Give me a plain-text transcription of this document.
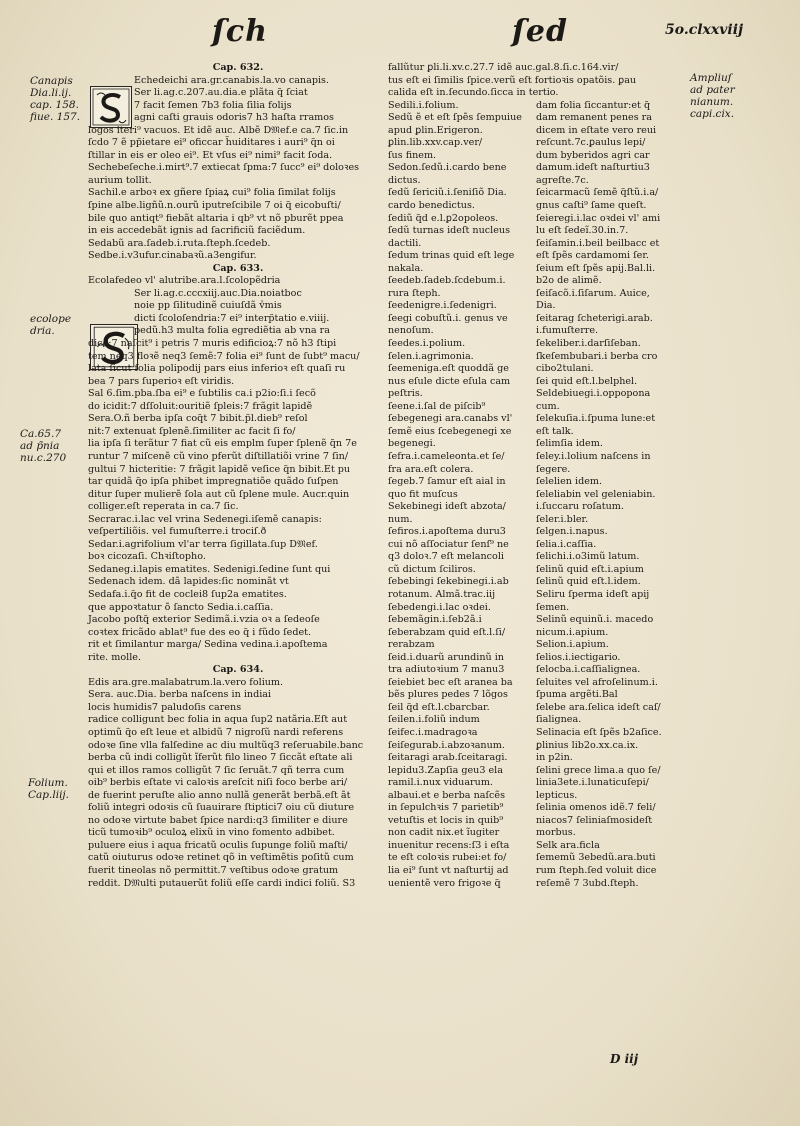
ſch	ſed	5o.clxxviij
Canapis
Dia.li.ij.
cap. 158.
fiue. 157.
ecolope
dria.
Ca.65.7
ad p̃nia
nu.c.270
Folium.
Cap.liij.
Ampliuſ
ad pater
nianum.
capi.cix.
Cap. 632.
Echedeichi ara.gr.canabis.la.vo canapis.
Ser li.ag.c.207.au.dia.e plãta q̃ ſciat
7 facit ſemen 7b3 folia ſilia folijs
agni caſti grauis odoris7 h3 haſta rramos
logos iteri⁹ vacuos. Et idẽ auc. Albẽ D𝔐ef.e ca.7 ſic.in
ſcdo 7 ẽ pp̃ietare ei⁹ oficcar h̃uiditares i auri⁹ q̃n oi
ſtillar in eis er oleo ei⁹. Et vſus ei⁹ nimi⁹ facit ſoda.
Sechebeſeche.i.mirt⁹.7 extiecat ſpma:7 ſucc⁹ ei⁹ doloꝛes
aurium tollit.
Sachil.e arboꝛ ex gñere ſpiaꝝ cui⁹ folia ſimilat folijs
ſpine albe.ligñũ.n.ourũ iputreſcibile 7 oi q̃ eicobuſti/
bile quo antiqt⁹ fiebãt altaria i qb⁹ vt nõ pburẽt ppea
in eis accedebãt ignis ad ſacrificiũ faciẽdum.
Sedabũ ara.ſadeb.i.ruta.ſteph.ſcedeb.
Sedbe.i.v3ufur.cinabaꝛũ.a3engifur.
Cap. 633.
Ecolafedeo vl' alutribe.ara.l.ſcolopẽdria
Ser li.ag.c.cccxiij.auc.Dia.noiatboc
noie pp ſilitudinẽ cuiuſdã v̾mis
dicti ſcoloſendria:7 ei⁹ interp̃tatio e.viiij.
pedũ.h3 multa folia egrediẽtia ab vna ra
dice:7 naſcit⁹ i petris 7 muris edificioꝝ:7 nõ h3 ſtipi
tem neq3 floꝛẽ neq3 ſemẽ:7 folia ei⁹ ſunt de ſubt⁹ macu/
lata ſicut folia polipodij pars eius inferioꝛ eſt quaſi ru
bea 7 pars ſuperioꝛ eſt viridis.
Sal 6.ſim.pba.ſba ei⁹ e ſubtilis ca.i p2io:ſi.i ſecõ
do icidit:7 dſſoluit:ouritiẽ ſpleis:7 frãgit lapidẽ
Sera.O.ñ berba ipſa coq̃t 7 bibit.p̃l.dieb⁹ reſol
nit:7 extenuat ſplenẽ.ſimiliter ac facit ſi fo/
lia ipſa ſi terãtur 7 fiat cũ eis emplm ſuper ſplenẽ q̃n 7e
runtur 7 miſcenẽ cũ vino pferũt diſtillatiõi vrine 7 ſin/
gultui 7 hicteritie: 7 frãgit lapidẽ veſice q̃n bibit.Et pu
tar quidã q̃o ipſa phibet impregnatiõe quãdo ſuſpen
ditur ſuper mulierẽ ſola aut cũ ſplene mule. Aucr.quin
colliger.eſt reperata in ca.7 ſic.
Secrarac.i.lac vel vrina Sedenegi.iſemẽ canapis:
veſpertiliõis. vel fumuſterre.i trociſ.ð
Sedar.i.agrifolium vl'ar terra ſigillata.ſup D𝔐ef.
boꝛ cicozaſi. Chꝛiſtopho.
Sedaneg.i.lapis ematites. Sedenigi.ſedine ſunt qui
Sedenach idem. dã lapides:ſic nominãt vt
Sedafa.i.q̃o fit de coclei8 ſup2a ematites.
que appoꝛtatur õ ſancto Sedia.i.caſſia.
Jacobo poſtq̃ exterior Sedimã.i.vzia oꝛ a ſedeoſe
coꝛtex fricãdo ablat⁹ fue des eo q̃ i fũdo ſedet.
rit et ſimilantur marga/ Sedina vedina.i.apoſtema
rite. molle.
Cap. 634.
Edis ara.gre.malabatrum.la.vero folium.
Sera. auc.Dia. berba naſcens in indiai
locis humidis7 paludoſis carens
radice colligunt bec folia in aqua ſup2 natãria.Eſt aut
optimũ q̃o eſt leue et albidũ 7 nigroſũ nardi referens
odoꝛe ſine vlla falſedine ac diu multũq3 reſeruabile.banc
berba cũ indi colligũt ĩferũt filo lineo 7 ſiccãt eſtate ali
qui et illos ramos colligũt 7 ſic ſeruãt.7 qñ terra cum
oib⁹ berbis eſtate vi caloꝛis areſcit niſi foco berbe ari/
de fuerint peruſte alio anno nullã generãt berbã.eſt ãt
foliũ integri odoꝛis cũ ſuauirare ſtiptici7 oiu cũ diuture
no odoꝛe virtute babet ſpice nardi:q3 ſimiliter e diure
ticũ tumoꝛib⁹ oculoꝝ elixũ in vino fomento adbibet.
puluere eius i aqua fricatũ oculis ſupunge foliũ maſti/
catũ oiuturus odoꝛe retinet qõ in veſtimẽtis poſitũ cum
fuerit tineolas nõ permittit.7 veſtibus odoꝛe gratum
reddit. D𝔐ulti putauerũt foliũ eſſe cardi indici foliũ. S3
fallũtur ꝑli.li.xv.c.27.7 idẽ auc.gal.8.ſi.c.164.vir/
tus eſt ei ſimilis ſpice.verũ eſt fortioꝛis opatõis. ꝑau
calida eſt in.ſecundo.ſicca in tertio.
Sedili.i.folium.
Sedũ ẽ et eſt ſpẽs ſempuiue
apud ꝑlin.Erigeron.
ꝑlin.lib.xxv.cap.ver/
ſus finem.
Sedon.ſedũ.i.cardo bene
dictus.
ſedũ ſericiũ.i.ſeniſiõ Dia.
cardo benedictus.
ſediũ q̃d e.l.ꝑ2opoleos.
ſedũ turnas ideſt nucleus
dactili.
ſedum trinas quid eſt lege
nakala.
ſeedeb.ſadeb.ſcdebum.i.
rura ſteph.
ſeedenigre.i.ſedenigri.
ſeegi cobuſtũ.i. genus ve
nenoſum.
ſeedes.i.polium.
ſelen.i.agrimonia.
ſeemeniga.eſt quoddã ge
nus eſule dicte eſula cam
peſtris.
ſeene.i.ſal de piſcib⁹
ſebegenegi ara.canabs vl'
ſemẽ eius ſcebegenegi xe
begenegi.
ſefra.i.cameleonta.et ſe/
fra ara.eſt colera.
ſegeb.7 ſamur eſt aial in
quo fit muſcus
Sekebinegi ideſt abzota/
num.
ſefiros.i.apoſtema duru3
cui nõ aſſociatur ſenſ⁹ ne
q3 doloꝛ.7 eſt melancoli
cũ dictum ſciliros.
ſebebingi ſekebinegi.i.ab
rotanum. Almã.trac.iij
ſebedengi.i.lac oꝛdei.
ſebemãgin.i.ſeb2ã.i
ſeberabzam quid eſt.l.ſi/
rerabzam
ſeid.i.duarũ arundinũ in
tra adiutoꝛium 7 manu3
ſeiebiet bec eſt aranea ba
bẽs plures pedes 7 lõgos
ſeil q̃d eſt.l.cbarcbar.
ſeilen.i.foliũ indum
ſeifec.i.madragoꝛa
ſeiſegurab.i.abzoꝛanum.
ſeitaragi arab.ſceitaragi.
lepidu3.Zapſia geu3 ela
ramil.i.nux viduarum.
albaui.et e berba naſcẽs
in ſepulchꝛis 7 parietib⁹
vetuſtis et locis in quib⁹
non cadit nix.et ĩugiter
inuenitur recens:ſ3 i eſta
te eſt coloꝛis rubei:et fo/
lia ei⁹ ſunt vt naſturtij ad
uenientẽ vero frigoꝛe q̃
dam folia ſiccantur:et q̃
dam remanent penes ra
dicem in eſtate vero reui
reſcunt.7c.ꝑaulus lepi/
dum byberidos agri car
damum.ideſt naſturtiu3
agreſte.7c.
ſeicarmacũ ſemẽ q̃ſtũ.i.a/
gnus caſti⁹ ſame queſt.
ſeieregi.i.lac oꝛdei vl' ami
lu eſt ſedeĩ.30.in.7.
ſeiſamin.i.beil beilbacc et
eſt ſpẽs cardamomi ſer.
ſeium eſt ſpẽs apij.Bal.li.
b2o de alimẽ.
ſeiſacõ.i.ſiſarum. Auice,
Dia.
ſeitarag ſcheterigi.arab.
i.fumuſterre.
ſekeliber.i.darſiſeban.
ſkeſembubari.i berba cro
cibo2tulani.
ſei quid eſt.l.belphel.
Seldebiuegi.i.oppopona
cum.
ſelekuſia.i.ſpuma lune:et
eſt talk.
ſelimſia idem.
ſeley.i.lolium naſcens in
ſegere.
ſelelien idem.
ſeleliabin vel geleniabin.
i.ſuccaru roſatum.
ſeler.i.bler.
ſelgen.i.napus.
ſelia.i.caſſia.
ſelichi.i.o3imũ latum.
ſelinũ quid eſt.i.apium
ſelinũ quid eſt.l.idem.
Seliru ſperma ideſt apij
ſemen.
Selinũ equinũ.i. macedo
nicum.i.apium.
Selion.i.apium.
ſelios.i.iectigario.
ſelocba.i.caſſialignea.
ſeluites vel afroſelinum.i.
ſpuma argẽti.Bal
ſelebe ara.ſelica ideſt caſ/
ſialignea.
Selinacia eſt ſpẽs b2aſice.
ꝑlinius lib2o.xx.ca.ix.
in p2in.
ſelini grece lima.a quo ſe/
linia3ete.i.lunaticuſepi/
lepticus.
ſelinia omenos idẽ.7 feli/
niacos7 ſeliniaſmosideſt
morbus.
Selk ara.ficla
ſememũ 3ebedũ.ara.buti
rum ſteph.ſed voluit dice
reſemẽ 7 3ubd.ſteph.
D iij
